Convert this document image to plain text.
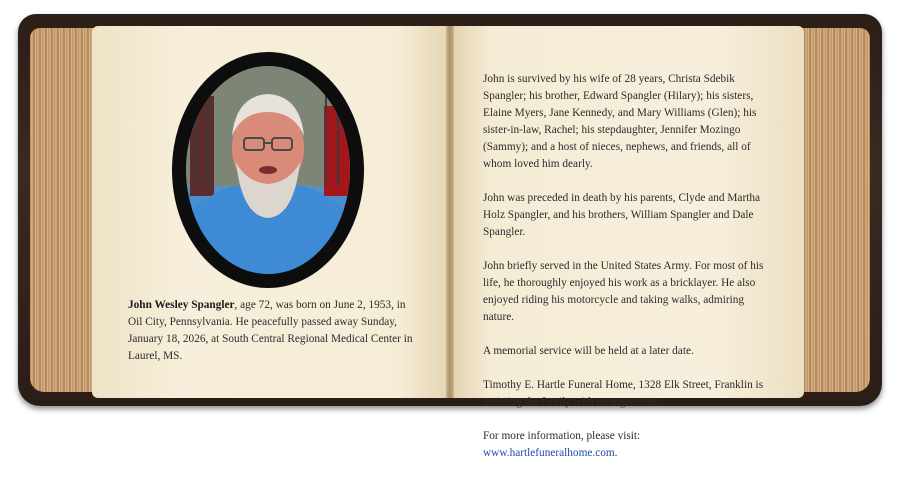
John Wesley Spangler, age 72, was born on June 2, 1953, in Oil City, Pennsylvania. He peacefully passed away Sunday, January 18, 2026, at South Central Regional Medical Center in Laurel, MS.

John is survived by his wife of 28 years, Christa Sdebik Spangler; his brother, Edward Spangler (Hilary); his sisters, Elaine Myers, Jane Kennedy, and Mary Williams (Glen); his sister-in-law, Rachel; his stepdaughter, Jennifer Mozingo (Sammy); and a host of nieces, nephews, and friends, all of whom loved him dearly.

John was preceded in death by his parents, Clyde and Martha Holz Spangler, and his brothers, William Spangler and Dale Spangler.

John briefly served in the United States Army. For most of his life, he thoroughly enjoyed his work as a bricklayer. He also enjoyed riding his motorcycle and taking walks, admiring nature.

A memorial service will be held at a later date.

Timothy E. Hartle Funeral Home, 1328 Elk Street, Franklin is assisting the family with arrangements.

For more information, please visit:
www.hartlefuneralhome.com.
